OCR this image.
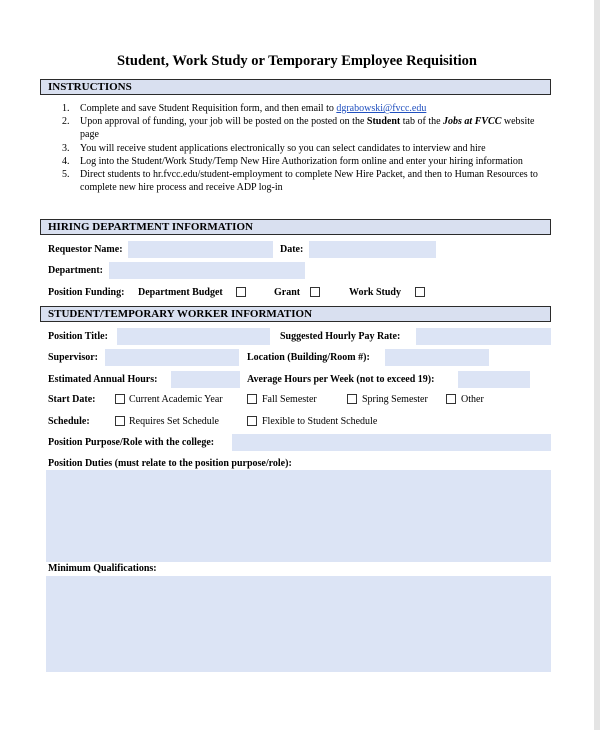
Student, Work Study or Temporary Employee Requisition
INSTRUCTIONS
1. Complete and save Student Requisition form, and then email to dgrabowski@fvcc.edu
2. Upon approval of funding, your job will be posted on the posted on the Student tab of the Jobs at FVCC website page
3. You will receive student applications electronically so you can select candidates to interview and hire
4. Log into the Student/Work Study/Temp New Hire Authorization form online and enter your hiring information
5. Direct students to hr.fvcc.edu/student-employment to complete New Hire Packet, and then to Human Resources to complete new hire process and receive ADP log-in
HIRING DEPARTMENT INFORMATION
Requestor Name:	Date:
Department:
Position Funding: Department Budget	Grant	Work Study
STUDENT/TEMPORARY WORKER INFORMATION
Position Title:	Suggested Hourly Pay Rate:
Supervisor:	Location (Building/Room #):
Estimated Annual Hours:	Average Hours per Week (not to exceed 19):
Start Date:	Current Academic Year	Fall Semester	Spring Semester	Other
Schedule:	Requires Set Schedule	Flexible to Student Schedule
Position Purpose/Role with the college:
Position Duties (must relate to the position purpose/role):
Minimum Qualifications:
